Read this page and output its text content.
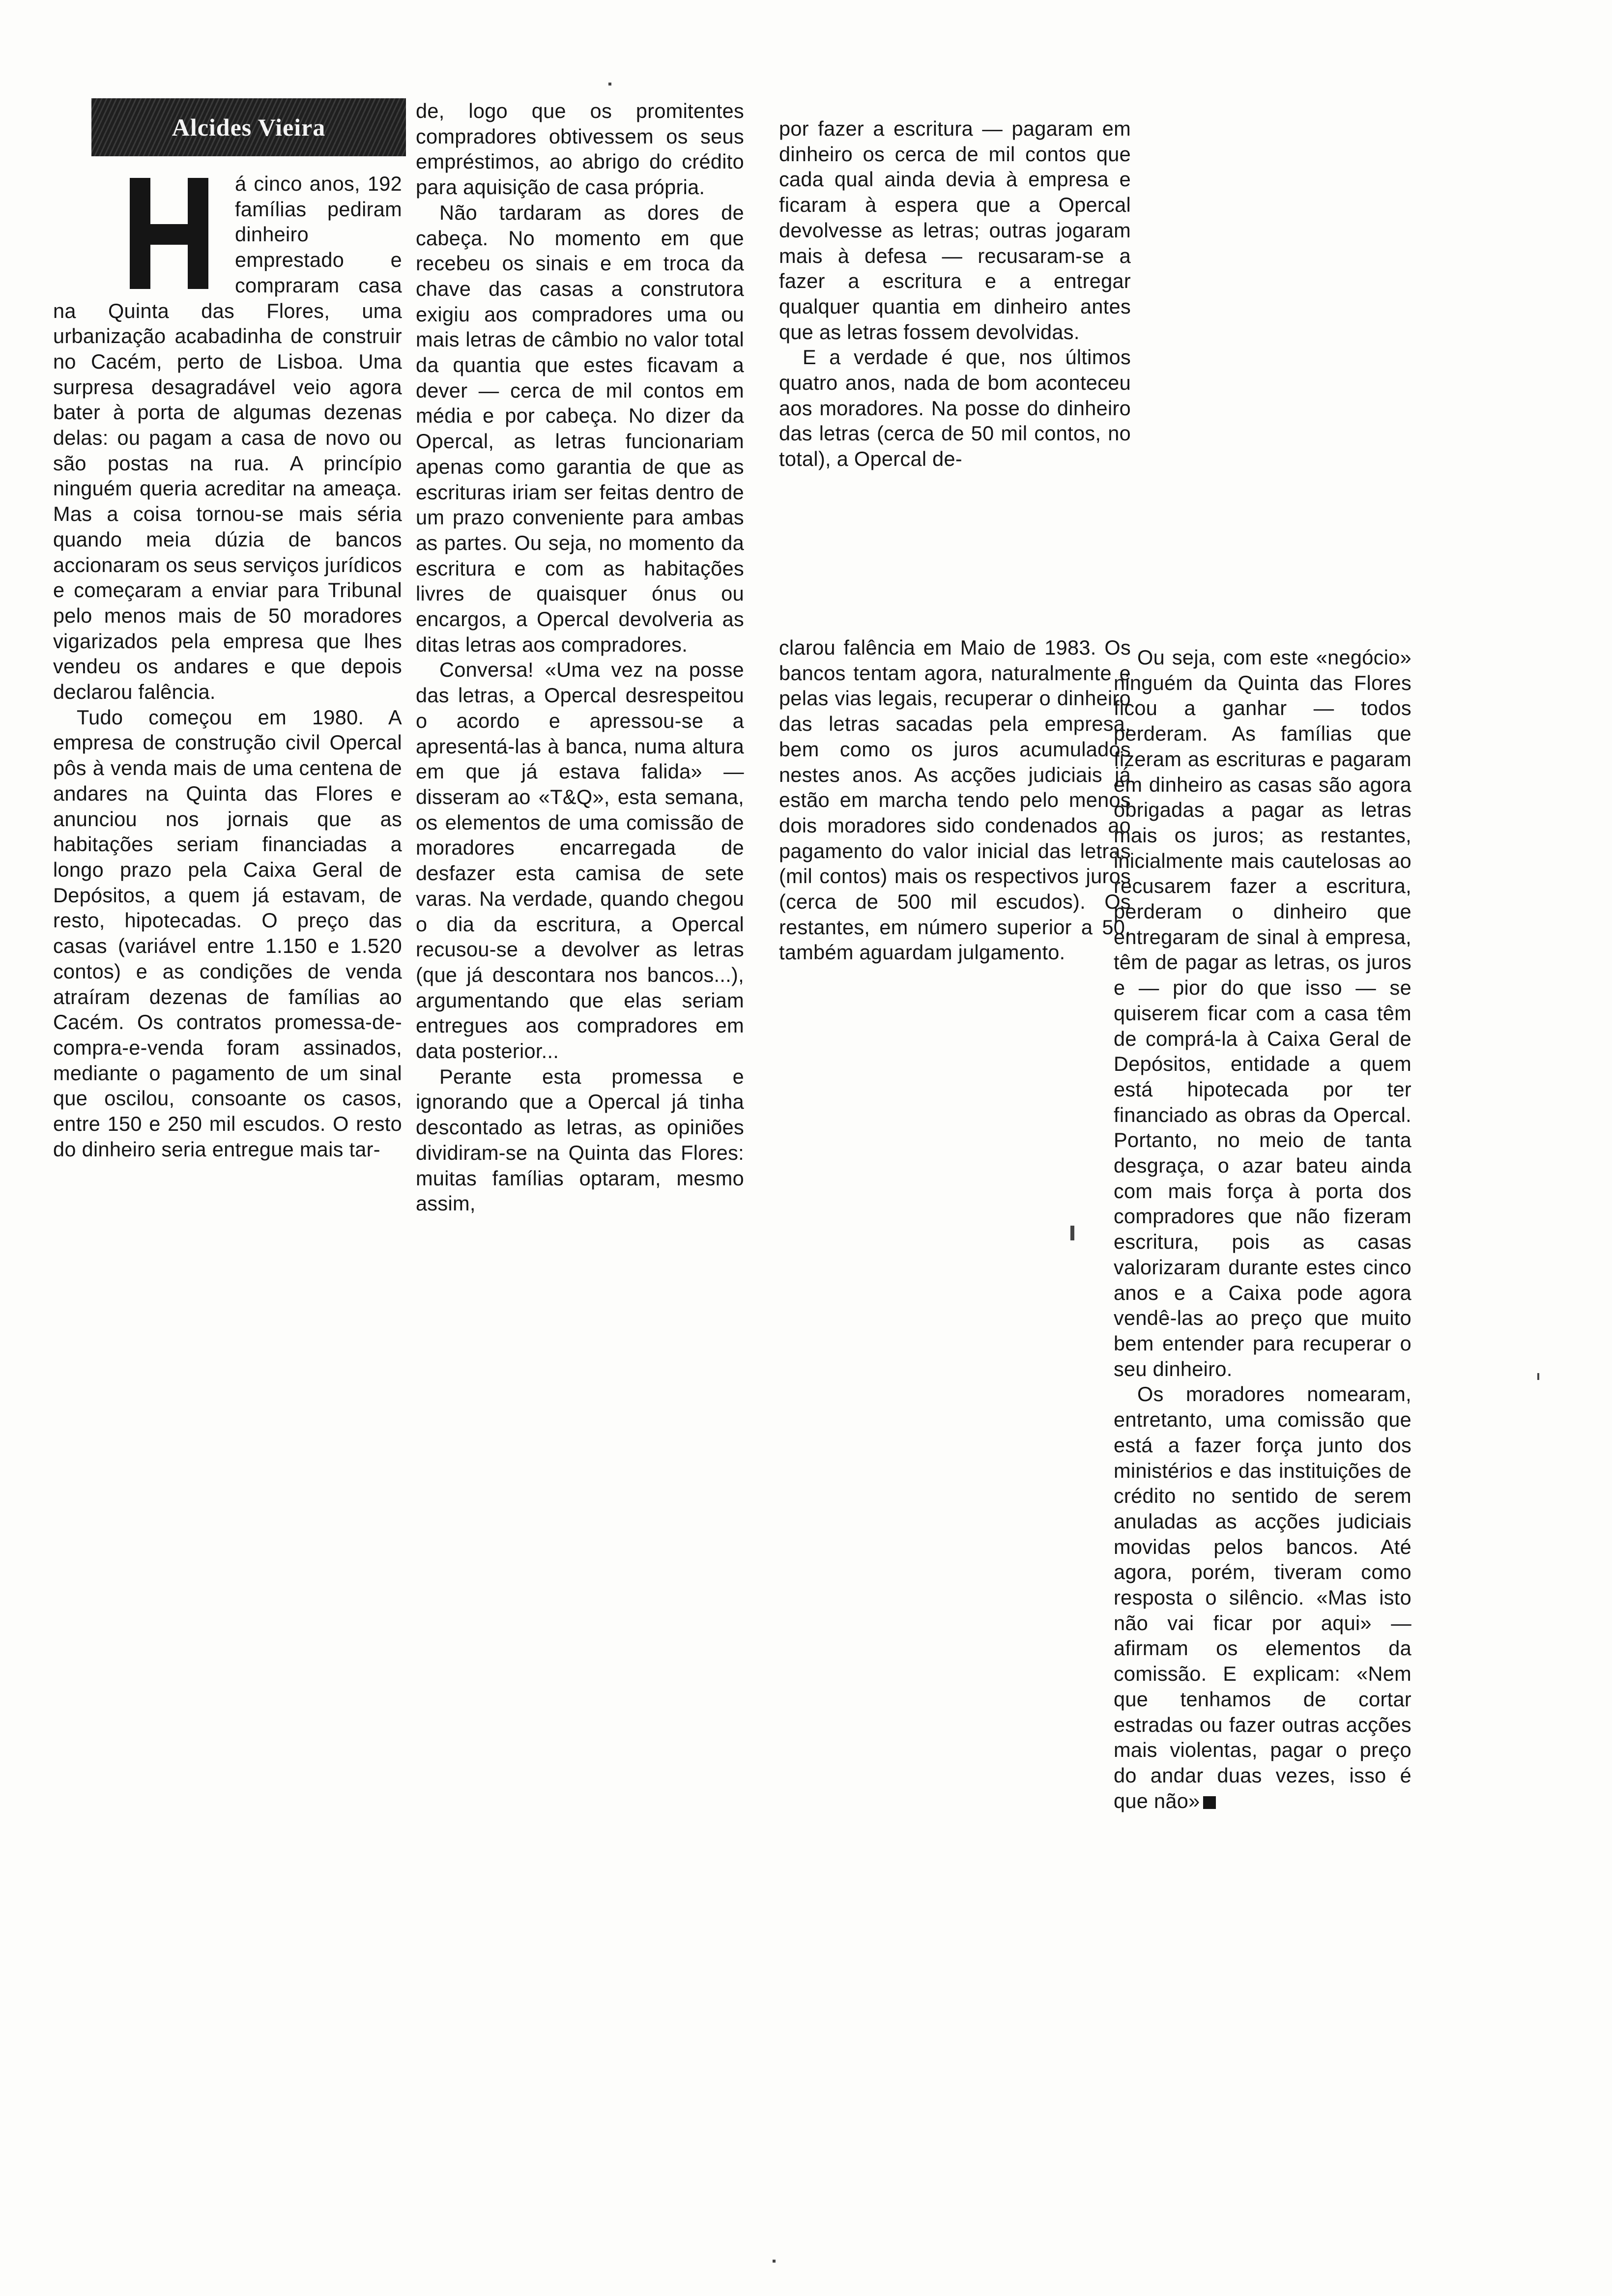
Alcides Vieira

á cinco anos, 192 famílias pediram dinheiro emprestado e compraram casa na Quinta das Flores, uma urbanização acabadinha de construir no Cacém, perto de Lisboa. Uma surpresa desagradável veio agora bater à porta de algumas dezenas delas: ou pagam a casa de novo ou são postas na rua. A princípio ninguém queria acreditar na ameaça. Mas a coisa tornou-se mais séria quando meia dúzia de bancos accionaram os seus serviços jurídicos e começaram a enviar para Tribunal pelo menos mais de 50 moradores vigarizados pela empresa que lhes vendeu os andares e que depois declarou falência.

Tudo começou em 1980. A empresa de construção civil Opercal pôs à venda mais de uma centena de andares na Quinta das Flores e anunciou nos jornais que as habitações seriam financiadas a longo prazo pela Caixa Geral de Depósitos, a quem já estavam, de resto, hipotecadas. O preço das casas (variável entre 1.150 e 1.520 contos) e as condições de venda atraíram dezenas de famílias ao Cacém. Os contratos promessa-de-compra-e-venda foram assinados, mediante o pagamento de um sinal que oscilou, consoante os casos, entre 150 e 250 mil escudos. O resto do dinheiro seria entregue mais tar-

de, logo que os promitentes compradores obtivessem os seus empréstimos, ao abrigo do crédito para aquisição de casa própria.

Não tardaram as dores de cabeça. No momento em que recebeu os sinais e em troca da chave das casas a construtora exigiu aos compradores uma ou mais letras de câmbio no valor total da quantia que estes ficavam a dever — cerca de mil contos em média e por cabeça. No dizer da Opercal, as letras funcionariam apenas como garantia de que as escrituras iriam ser feitas dentro de um prazo conveniente para ambas as partes. Ou seja, no momento da escritura e com as habitações livres de quaisquer ónus ou encargos, a Opercal devolveria as ditas letras aos compradores.

Conversa! «Uma vez na posse das letras, a Opercal desrespeitou o acordo e apressou-se a apresentá-las à banca, numa altura em que já estava falida» — disseram ao «T&Q», esta semana, os elementos de uma comissão de moradores encarregada de desfazer esta camisa de sete varas. Na verdade, quando chegou o dia da escritura, a Opercal recusou-se a devolver as letras (que já descontara nos bancos...), argumentando que elas seriam entregues aos compradores em data posterior...

Perante esta promessa e ignorando que a Opercal já tinha descontado as letras, as opiniões dividiram-se na Quinta das Flores: muitas famílias optaram, mesmo assim,

por fazer a escritura — pagaram em dinheiro os cerca de mil contos que cada qual ainda devia à empresa e ficaram à espera que a Opercal devolvesse as letras; outras jogaram mais à defesa — recusaram-se a fazer a escritura e a entregar qualquer quantia em dinheiro antes que as letras fossem devolvidas.

E a verdade é que, nos últimos quatro anos, nada de bom aconteceu aos moradores. Na posse do dinheiro das letras (cerca de 50 mil contos, no total), a Opercal de-

clarou falência em Maio de 1983. Os bancos tentam agora, naturalmente e pelas vias legais, recuperar o dinheiro das letras sacadas pela empresa, bem como os juros acumulados nestes anos. As acções judiciais já estão em marcha tendo pelo menos dois moradores sido condenados ao pagamento do valor inicial das letras (mil contos) mais os respectivos juros (cerca de 500 mil escudos). Os restantes, em número superior a 50, também aguardam julgamento.

Ou seja, com este «negócio» ninguém da Quinta das Flores ficou a ganhar — todos perderam. As famílias que fizeram as escrituras e pagaram em dinheiro as casas são agora obrigadas a pagar as letras mais os juros; as restantes, inicialmente mais cautelosas ao recusarem fazer a escritura, perderam o dinheiro que entregaram de sinal à empresa, têm de pagar as letras, os juros e — pior do que isso — se quiserem ficar com a casa têm de comprá-la à Caixa Geral de Depósitos, entidade a quem está hipotecada por ter financiado as obras da Opercal. Portanto, no meio de tanta desgraça, o azar bateu ainda com mais força à porta dos compradores que não fizeram escritura, pois as casas valorizaram durante estes cinco anos e a Caixa pode agora vendê-las ao preço que muito bem entender para recuperar o seu dinheiro.

Os moradores nomearam, entretanto, uma comissão que está a fazer força junto dos ministérios e das instituições de crédito no sentido de serem anuladas as acções judiciais movidas pelos bancos. Até agora, porém, tiveram como resposta o silêncio. «Mas isto não vai ficar por aqui» — afirmam os elementos da comissão. E explicam: «Nem que tenhamos de cortar estradas ou fazer outras acções mais violentas, pagar o preço do andar duas vezes, isso é que não»
